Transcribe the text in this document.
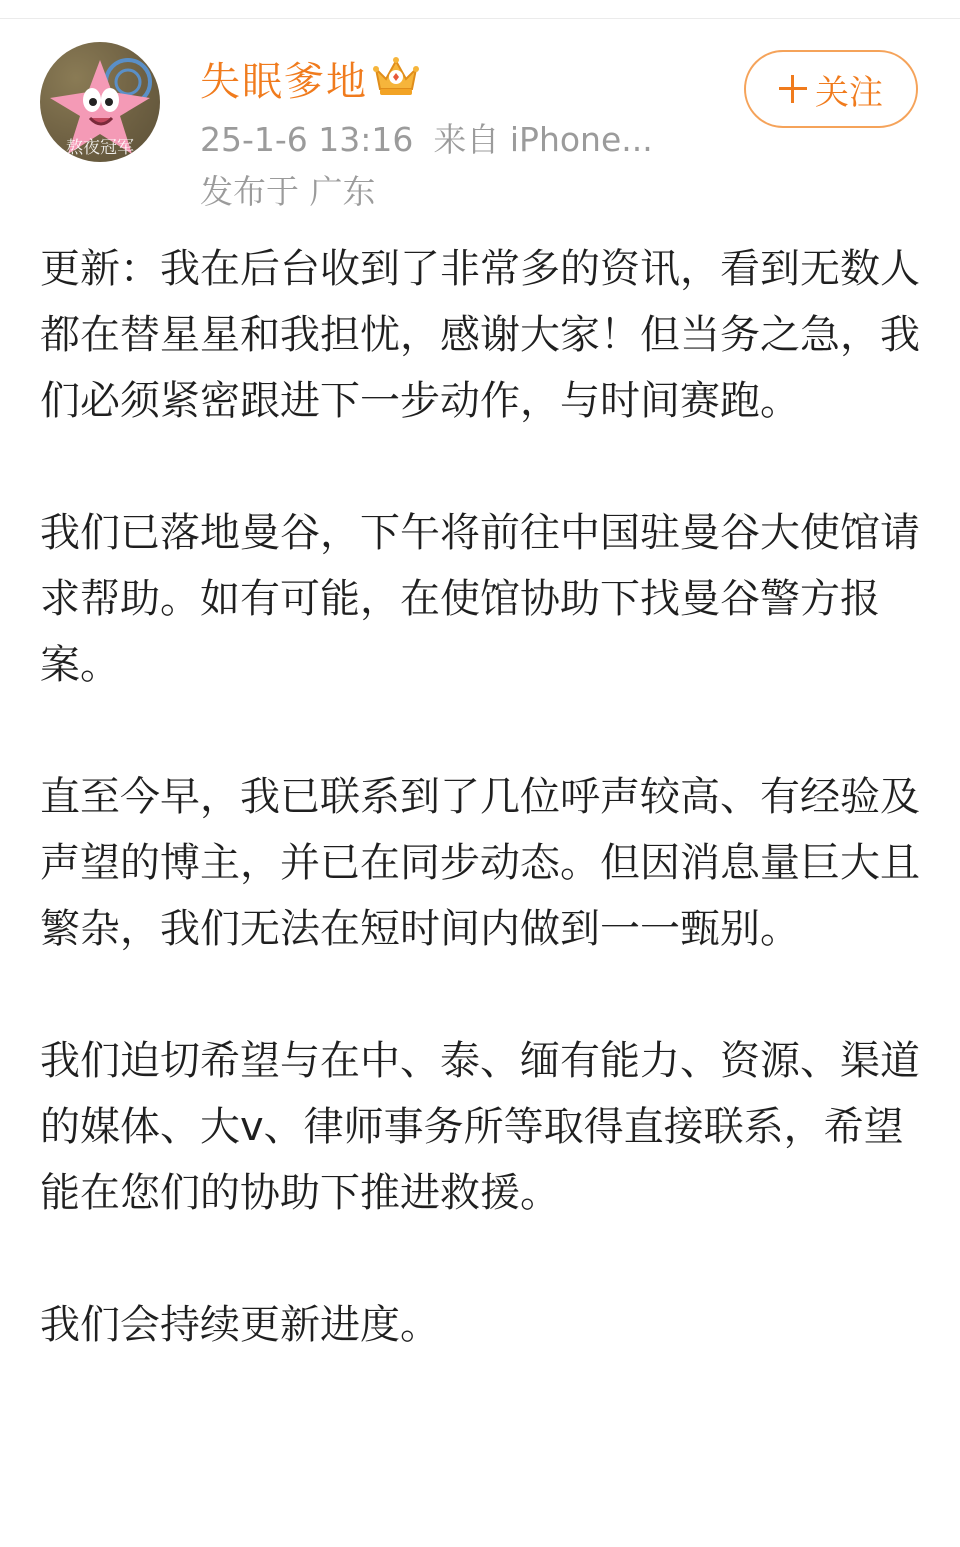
熬夜冠军
失眠爹地
25-1-6 13:16 来自 iPhone...
发布于 广东
关注

更新：我在后台收到了非常多的资讯，看到无数人都在替星星和我担忧，感谢大家！但当务之急，我们必须紧密跟进下一步动作，与时间赛跑。

我们已落地曼谷，下午将前往中国驻曼谷大使馆请求帮助。如有可能，在使馆协助下找曼谷警方报案。

直至今早，我已联系到了几位呼声较高、有经验及声望的博主，并已在同步动态。但因消息量巨大且繁杂，我们无法在短时间内做到一一甄别。

我们迫切希望与在中、泰、缅有能力、资源、渠道的媒体、大v、律师事务所等取得直接联系，希望能在您们的协助下推进救援。

我们会持续更新进度。
